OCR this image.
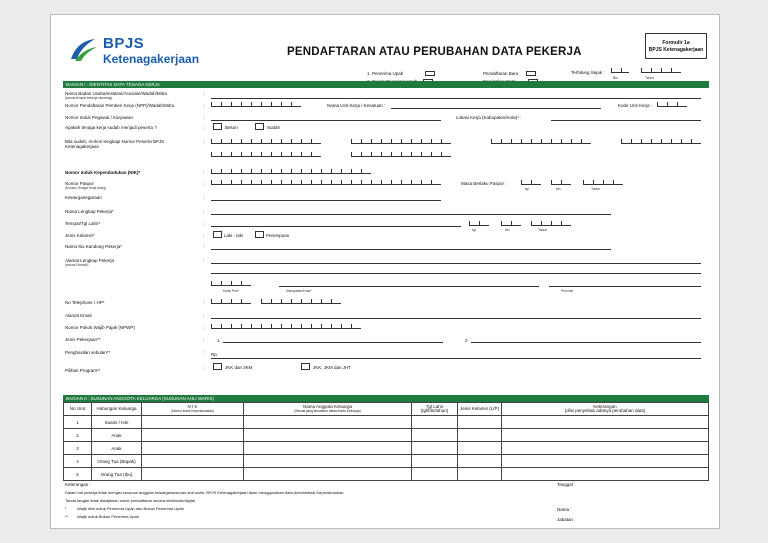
BPJS
Ketenagakerjaan	PENDAFTARAN ATAU PERUBAHAN DATA PEKERJA
Formulir 1a
BPJS Ketenagakerjaan
1. Penerima Upah	Pendaftaran Baru	Terhitung Sejak :
Bln	Tahun
BAGIAN I : IDENTITAS DATA TENAGA KERJA
Nama Badan Usaha/Instansi/Asosiasi/Wadah/Mitra
(sesuai tempat bekerja sekarang)
:
Nomor Pendaftaran Pemberi Kerja (NPP)/Wadah/Mitra	:	Nama Unit Kerja / Kesatuan :	Kode Unit Kerja :
Nomor Induk Pegawai / Karyawan	:	Lokasi Kerja (Kabupaten/Kota)* :
Apakah tenaga kerja sudah menjadi peserta ?	:	Belum	Sudah
Bila sudah, mohon lengkapi Nomor Peserta BPJS Ketenagakerjaan
:
Nomor Induk Kependudukan (NIK)*	:
Nomor Paspor
(Khusus Tenaga Kerja Asing)
:	Masa Berlaku Paspor :
tgl	bln	Tahun
Kewarganegaraan	:
Nama Lengkap Pekerja*	:
Tempat/Tgl Lahir*	:
tgl	bln	Tahun
Jenis Kelamin*	:	Laki - laki	Perempuan
Nama Ibu Kandung Pekerja*	:
Alamat Lengkap Pekerja
(sesuai Domisili)
:
Kode Pos*	Kabupaten/Kota*	Provinsi
No Telephone / HP*	:
Alamat Email	:
Nomor Pokok Wajib Pajak (NPWP)	:
Jenis Pekerjaan**	:	1	2
Penghasilan sebulan**	: Rp.
Pilihan Program**
:	JKK dan JKM	JKK, JKM dan JHT
BAGIAN II : SUSUNAN ANGGOTA KELUARGA (SUSUNAN AHLI WARIS)
No Urut	Hubungan Keluarga	N I K
(Nomor Induk Kependudukan)	Nama Anggota Keluarga
(Sesuai yang tercantum dalam Kartu Keluarga)	Tgl Lahir (tgl/bln/tahun)	Jenis Kelamin (L/P)	Keterangan
(diisi penyebab adanya perubahan data)
1	Suami / Istri					
2	Anak					
3	Anak					
4	Orang Tua (Bapak)					
5	Orang Tua (Ibu)					
Keterangan :
Dalam hal pekerja tidak mengisi susunan anggota keluarga/susunan ahli waris, BPJS Ketenagakerjaan akan menggunakan data Administrasi Kependudukan.
Tanda tangan tidak diwajibkan untuk pendaftaran secara elektronik/digital
*	Wajib diisi untuk Penerima Upah dan Bukan Penerima Upah
** Wajib untuk Bukan Penerima Upah
Tanggal :
Nama :
Jabatan :
